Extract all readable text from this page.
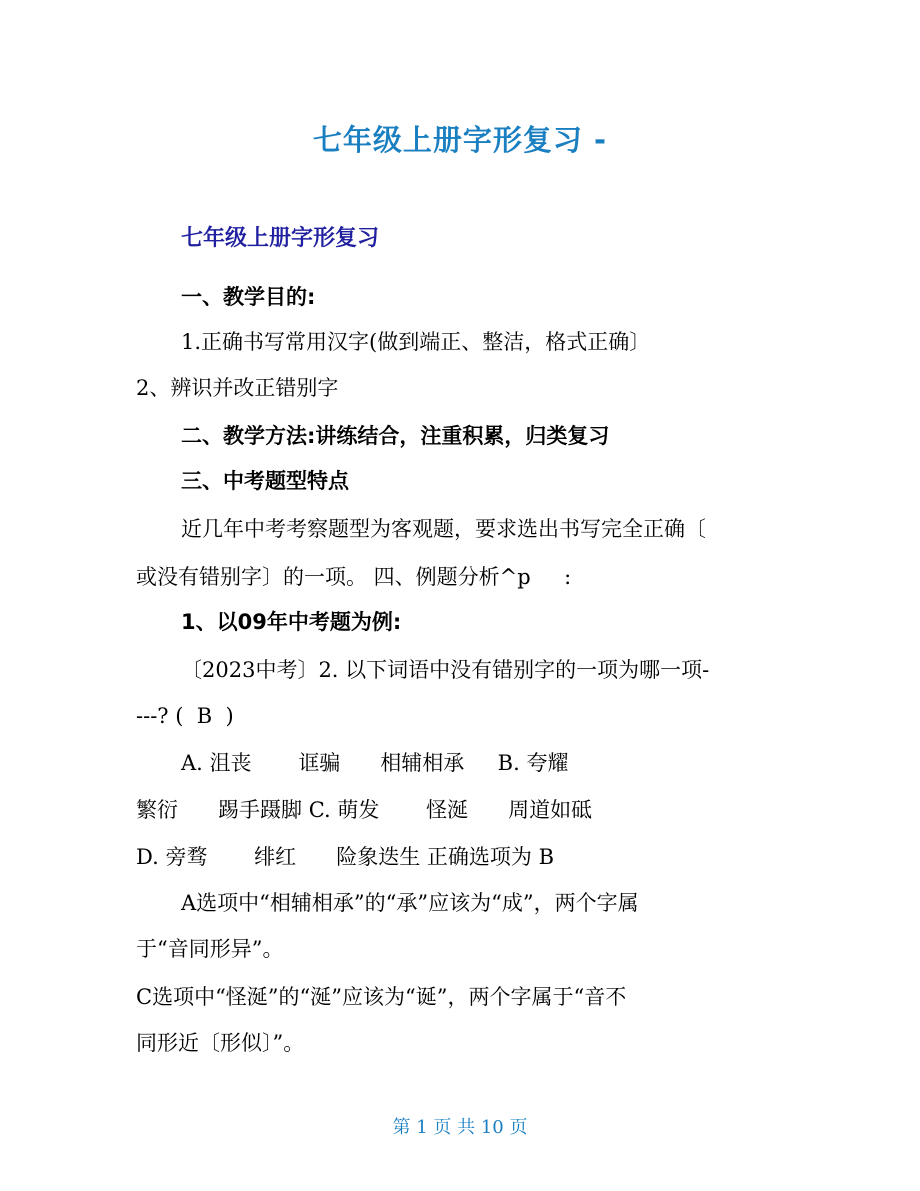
七年级上册字形复习 -
七年级上册字形复习
一、教学目的:
1.正确书写常用汉字(做到端正、整洁，格式正确〕
2、辨识并改正错别字
二、教学方法:讲练结合，注重积累，归类复习
三、中考题型特点
近几年中考考察题型为客观题，要求选出书写完全正确〔
或没有错别字〕的一项。 四、例题分析^p     :
1、以09年中考题为例:
〔2023中考〕2. 以下词语中没有错别字的一项为哪一项-
---? (  B  )
A. 沮丧       诓骗      相辅相承     B. 夸耀
繁衍      踢手蹑脚 C. 萌发       怪涎      周道如砥
D. 旁骛       绯红      险象迭生 正确选项为 B
A选项中“相辅相承”的“承”应该为“成”，两个字属
于“音同形异”。
C选项中“怪涎”的“涎”应该为“诞”，两个字属于“音不
同形近〔形似〕”。
第 1 页 共 10 页
